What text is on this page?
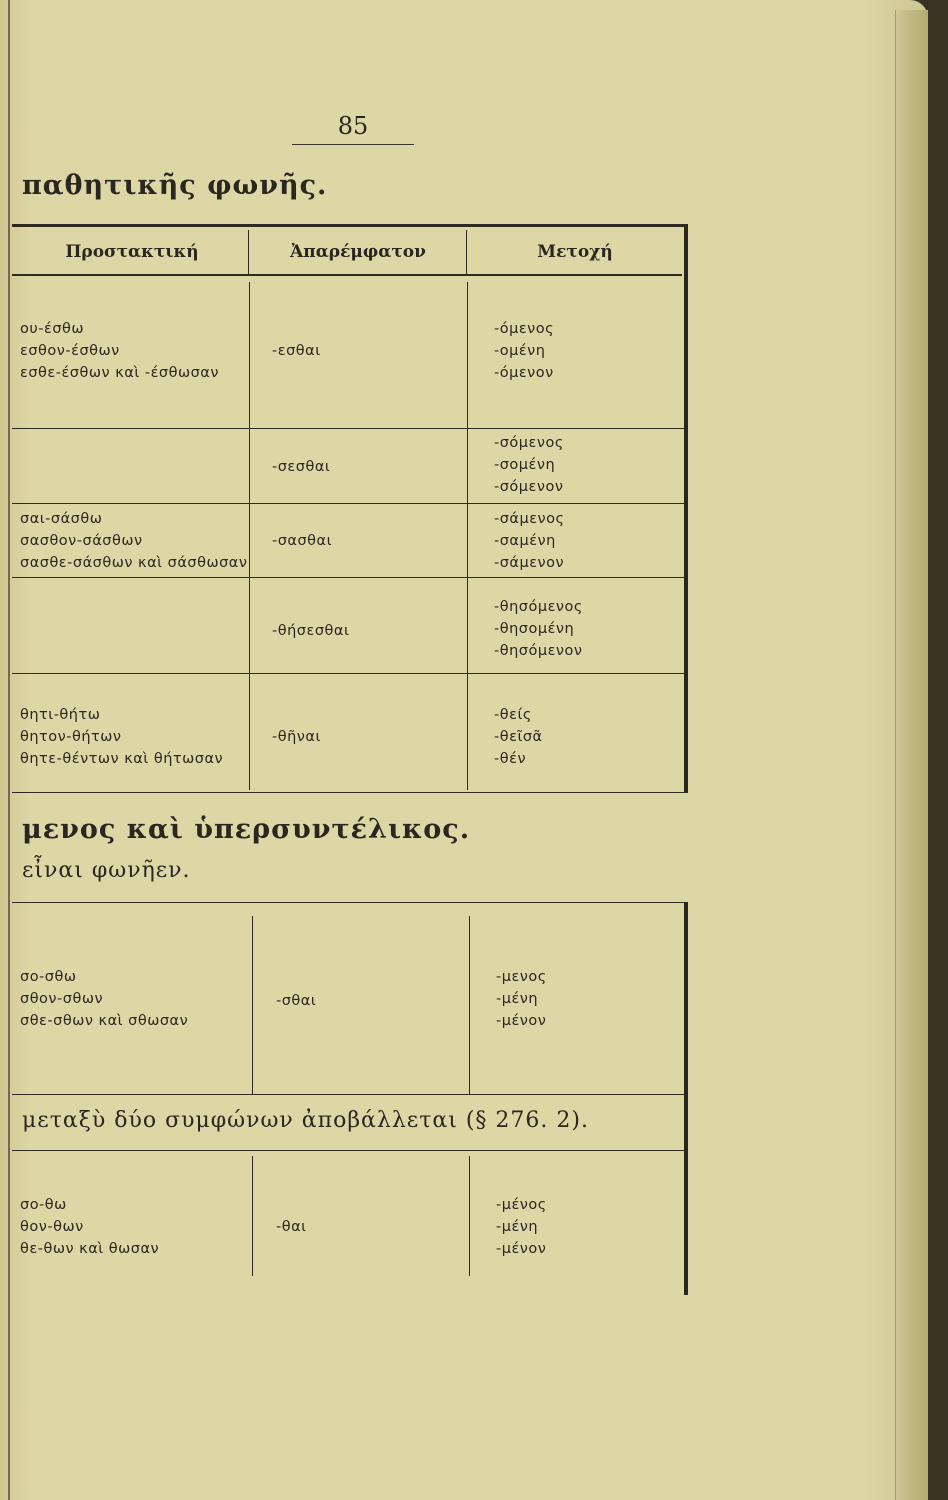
85
παθητικῆς φωνῆς.
Προστακτική	Ἀπαρέμφατον	Μετοχή
ου-έσθω
εσθον-έσθων
εσθε-έσθων καὶ -έσθωσαν
-εσθαι
-όμενος
-ομένη
-όμενον
-σεσθαι
-σόμενος
-σομένη
-σόμενον
σαι-σάσθω
σασθον-σάσθων
σασθε-σάσθων καὶ σάσθωσαν
-σασθαι
-σάμενος
-σαμένη
-σάμενον
-θήσεσθαι
-θησόμενος
-θησομένη
-θησόμενον
θητι-θήτω
θητον-θήτων
θητε-θέντων καὶ θήτωσαν
-θῆναι
-θείς
-θεῖσᾶ
-θέν
μενος καὶ ὑπερσυντέλικος.
εἶναι φωνῆεν.
σο-σθω
σθον-σθων
σθε-σθων καὶ σθωσαν
-σθαι
-μενος
-μένη
-μένον
μεταξὺ δύο συμφώνων ἀποβάλλεται (§ 276. 2).
σο-θω
θον-θων
θε-θων καὶ θωσαν
-θαι
-μένος
-μένη
-μένον
